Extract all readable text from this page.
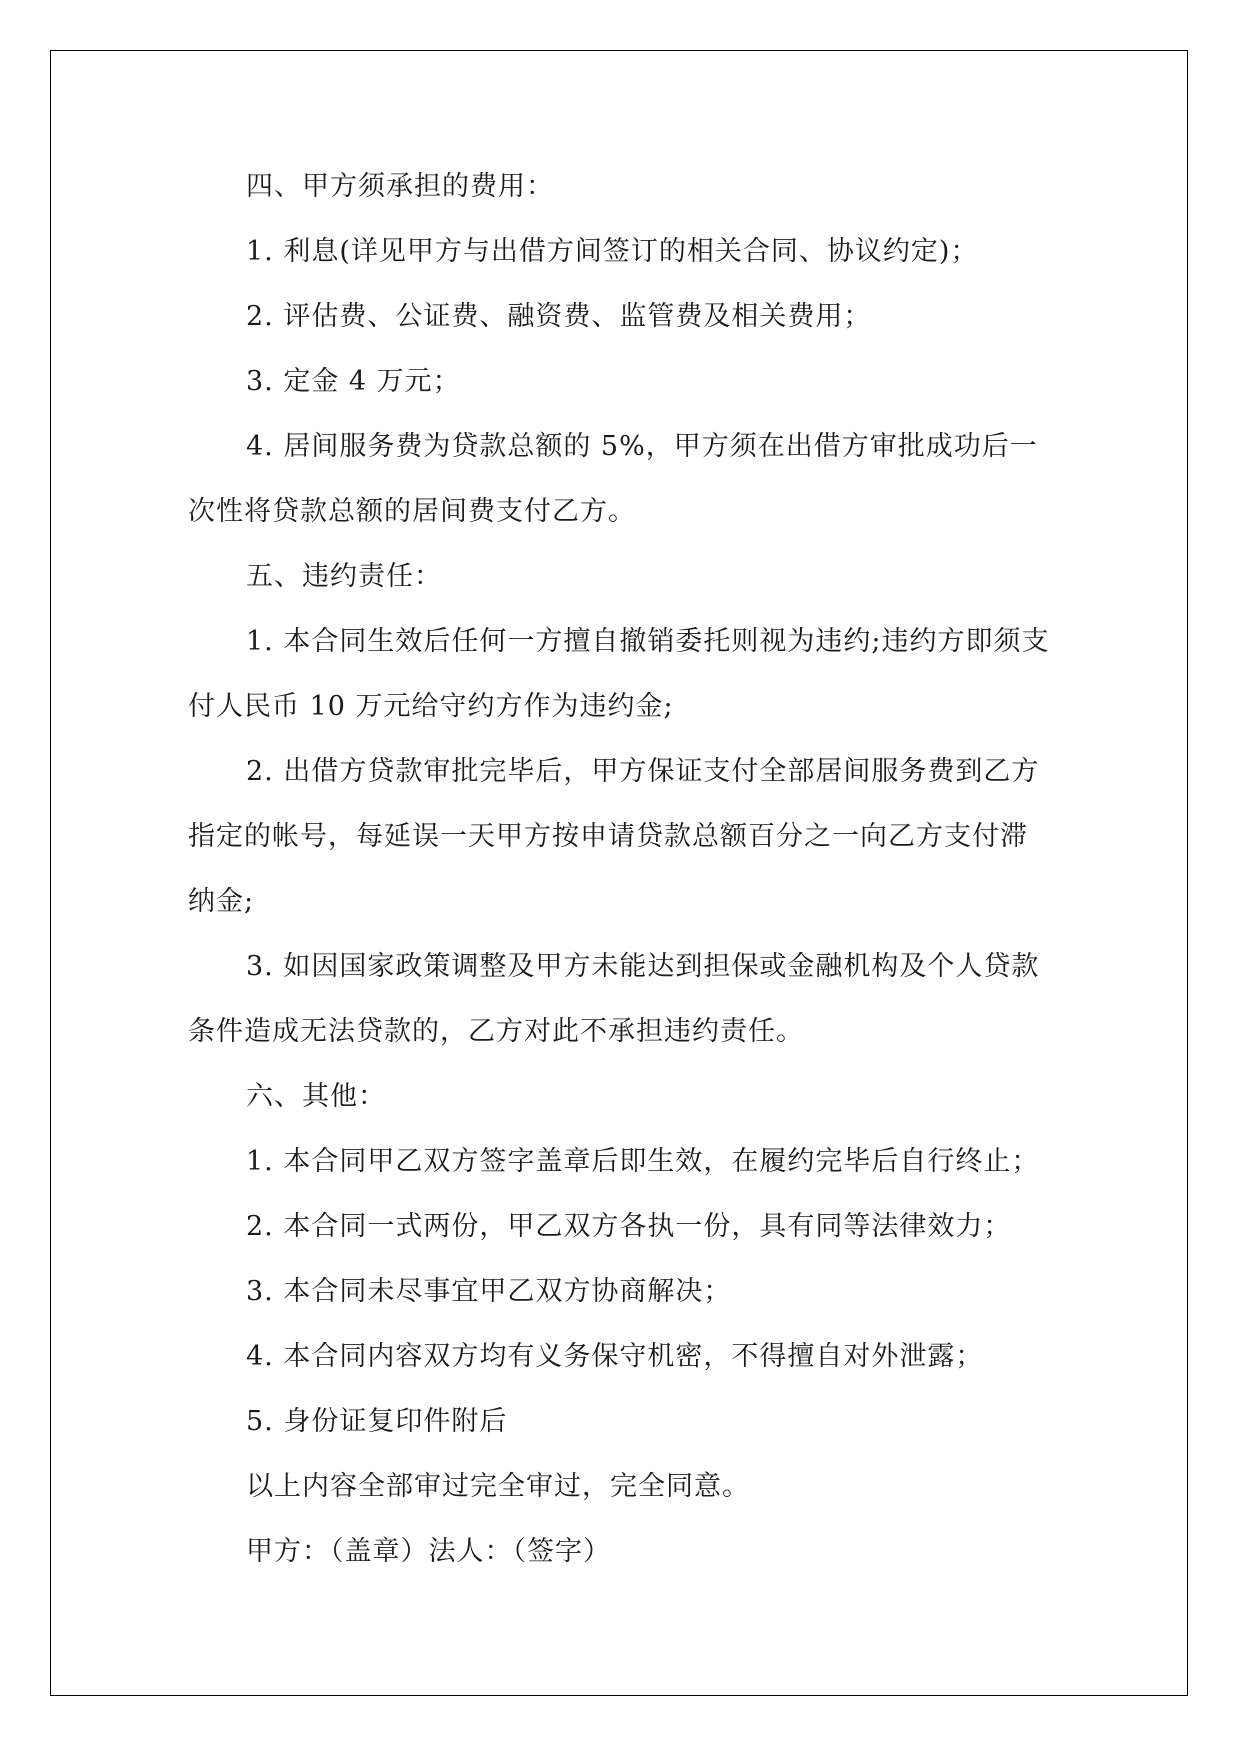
四、甲方须承担的费用：

1. 利息(详见甲方与出借方间签订的相关合同、协议约定)；

2. 评估费、公证费、融资费、监管费及相关费用；

3. 定金 4 万元；

4. 居间服务费为贷款总额的 5%，甲方须在出借方审批成功后一次性将贷款总额的居间费支付乙方。

五、违约责任：

1. 本合同生效后任何一方擅自撤销委托则视为违约;违约方即须支付人民币 10 万元给守约方作为违约金;

2. 出借方贷款审批完毕后，甲方保证支付全部居间服务费到乙方指定的帐号，每延误一天甲方按申请贷款总额百分之一向乙方支付滞纳金;

3. 如因国家政策调整及甲方未能达到担保或金融机构及个人贷款条件造成无法贷款的，乙方对此不承担违约责任。

六、其他：

1. 本合同甲乙双方签字盖章后即生效，在履约完毕后自行终止；

2. 本合同一式两份，甲乙双方各执一份，具有同等法律效力；

3. 本合同未尽事宜甲乙双方协商解决；

4. 本合同内容双方均有义务保守机密，不得擅自对外泄露；

5. 身份证复印件附后

以上内容全部审过完全审过，完全同意。

甲方：（盖章）法人：（签字）
